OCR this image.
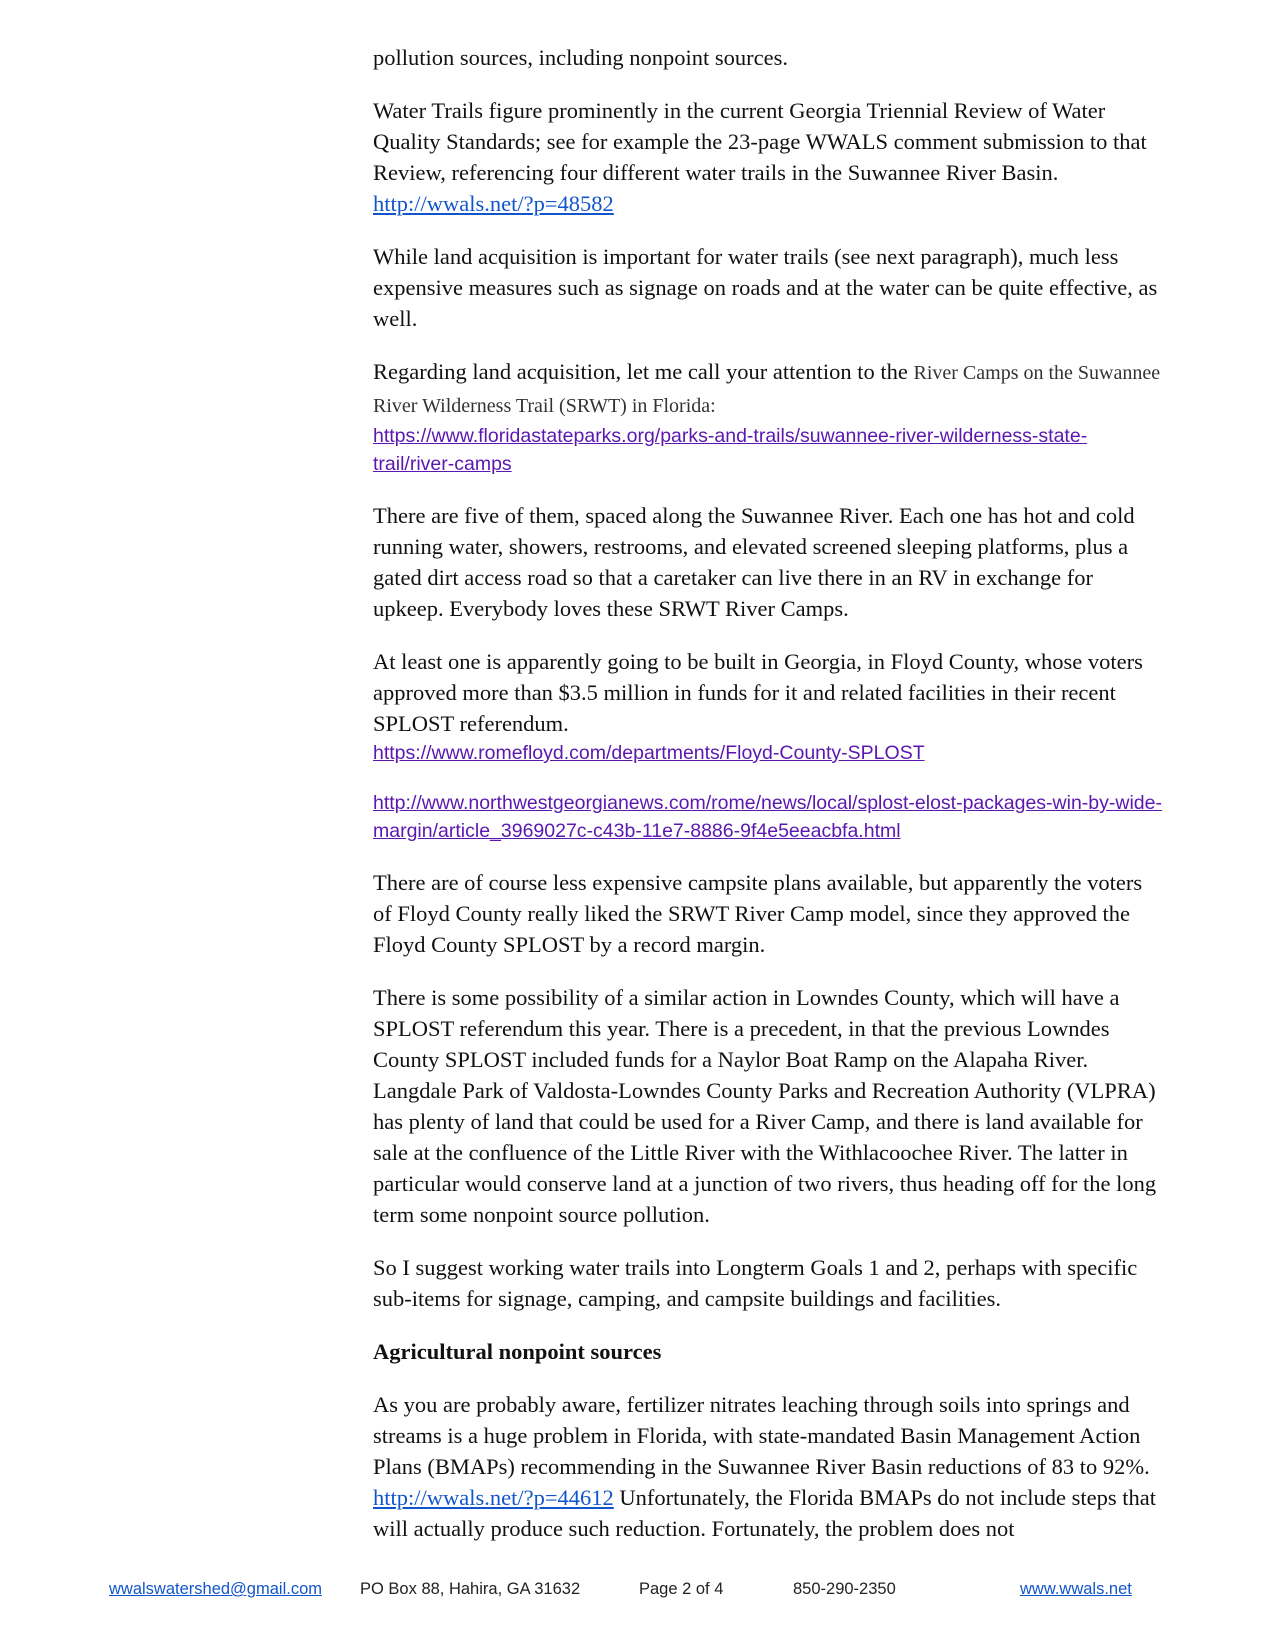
pollution sources, including nonpoint sources.

Water Trails figure prominently in the current Georgia Triennial Review of Water Quality Standards; see for example the 23-page WWALS comment submission to that Review, referencing four different water trails in the Suwannee River Basin. http://wwals.net/?p=48582

While land acquisition is important for water trails (see next paragraph), much less expensive measures such as signage on roads and at the water can be quite effective, as well.

Regarding land acquisition, let me call your attention to the River Camps on the Suwannee River Wilderness Trail (SRWT) in Florida:
https://www.floridastateparks.org/parks-and-trails/suwannee-river-wilderness-state-trail/river-camps

There are five of them, spaced along the Suwannee River. Each one has hot and cold running water, showers, restrooms, and elevated screened sleeping platforms, plus a gated dirt access road so that a caretaker can live there in an RV in exchange for upkeep. Everybody loves these SRWT River Camps.

At least one is apparently going to be built in Georgia, in Floyd County, whose voters approved more than $3.5 million in funds for it and related facilities in their recent SPLOST referendum.
https://www.romefloyd.com/departments/Floyd-County-SPLOST

http://www.northwestgeorgianews.com/rome/news/local/splost-elost-packages-win-by-wide-margin/article_3969027c-c43b-11e7-8886-9f4e5eeacbfa.html

There are of course less expensive campsite plans available, but apparently the voters of Floyd County really liked the SRWT River Camp model, since they approved the Floyd County SPLOST by a record margin.

There is some possibility of a similar action in Lowndes County, which will have a SPLOST referendum this year. There is a precedent, in that the previous Lowndes County SPLOST included funds for a Naylor Boat Ramp on the Alapaha River. Langdale Park of Valdosta-Lowndes County Parks and Recreation Authority (VLPRA) has plenty of land that could be used for a River Camp, and there is land available for sale at the confluence of the Little River with the Withlacoochee River. The latter in particular would conserve land at a junction of two rivers, thus heading off for the long term some nonpoint source pollution.

So I suggest working water trails into Longterm Goals 1 and 2, perhaps with specific sub-items for signage, camping, and campsite buildings and facilities.

Agricultural nonpoint sources

As you are probably aware, fertilizer nitrates leaching through soils into springs and streams is a huge problem in Florida, with state-mandated Basin Management Action Plans (BMAPs) recommending in the Suwannee River Basin reductions of 83 to 92%. http://wwals.net/?p=44612 Unfortunately, the Florida BMAPs do not include steps that will actually produce such reduction. Fortunately, the problem does not

wwalswatershed@gmail.com PO Box 88, Hahira, GA 31632	Page 2 of 4	850-290-2350	www.wwals.net
